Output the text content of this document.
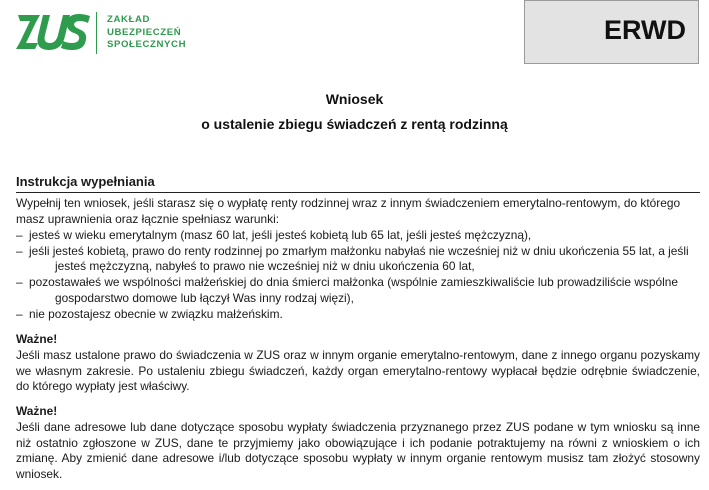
ZAKŁAD
UBEZPIECZEŃ
SPOŁECZNYCH	ERWD
Wniosek
o ustalenie zbiegu świadczeń z rentą rodzinną
Instrukcja wypełniania
Wypełnij ten wniosek, jeśli starasz się o wypłatę renty rodzinnej wraz z innym świadczeniem emerytalno-rentowym, do którego masz uprawnienia oraz łącznie spełniasz warunki:
– jesteś w wieku emerytalnym (masz 60 lat, jeśli jesteś kobietą lub 65 lat, jeśli jesteś mężczyzną),
– jeśli jesteś kobietą, prawo do renty rodzinnej po zmarłym małżonku nabyłaś nie wcześniej niż w dniu ukończenia 55 lat, a jeśli jesteś mężczyzną, nabyłeś to prawo nie wcześniej niż w dniu ukończenia 60 lat,
– pozostawałeś we wspólności małżeńskiej do dnia śmierci małżonka (wspólnie zamieszkiwaliście lub prowadziliście wspólne gospodarstwo domowe lub łączył Was inny rodzaj więzi),
– nie pozostajesz obecnie w związku małżeńskim.
Ważne!
Jeśli masz ustalone prawo do świadczenia w ZUS oraz w innym organie emerytalno-rentowym, dane z innego organu pozyskamy we własnym zakresie. Po ustaleniu zbiegu świadczeń, każdy organ emerytalno-rentowy wypłacał będzie odrębnie świadczenie, do którego wypłaty jest właściwy.
Ważne!
Jeśli dane adresowe lub dane dotyczące sposobu wypłaty świadczenia przyznanego przez ZUS podane w tym wniosku są inne niż ostatnio zgłoszone w ZUS, dane te przyjmiemy jako obowiązujące i ich podanie potraktujemy na równi z wnioskiem o ich zmianę. Aby zmienić dane adresowe i/lub dotyczące sposobu wypłaty w innym organie rentowym musisz tam złożyć stosowny wniosek.
